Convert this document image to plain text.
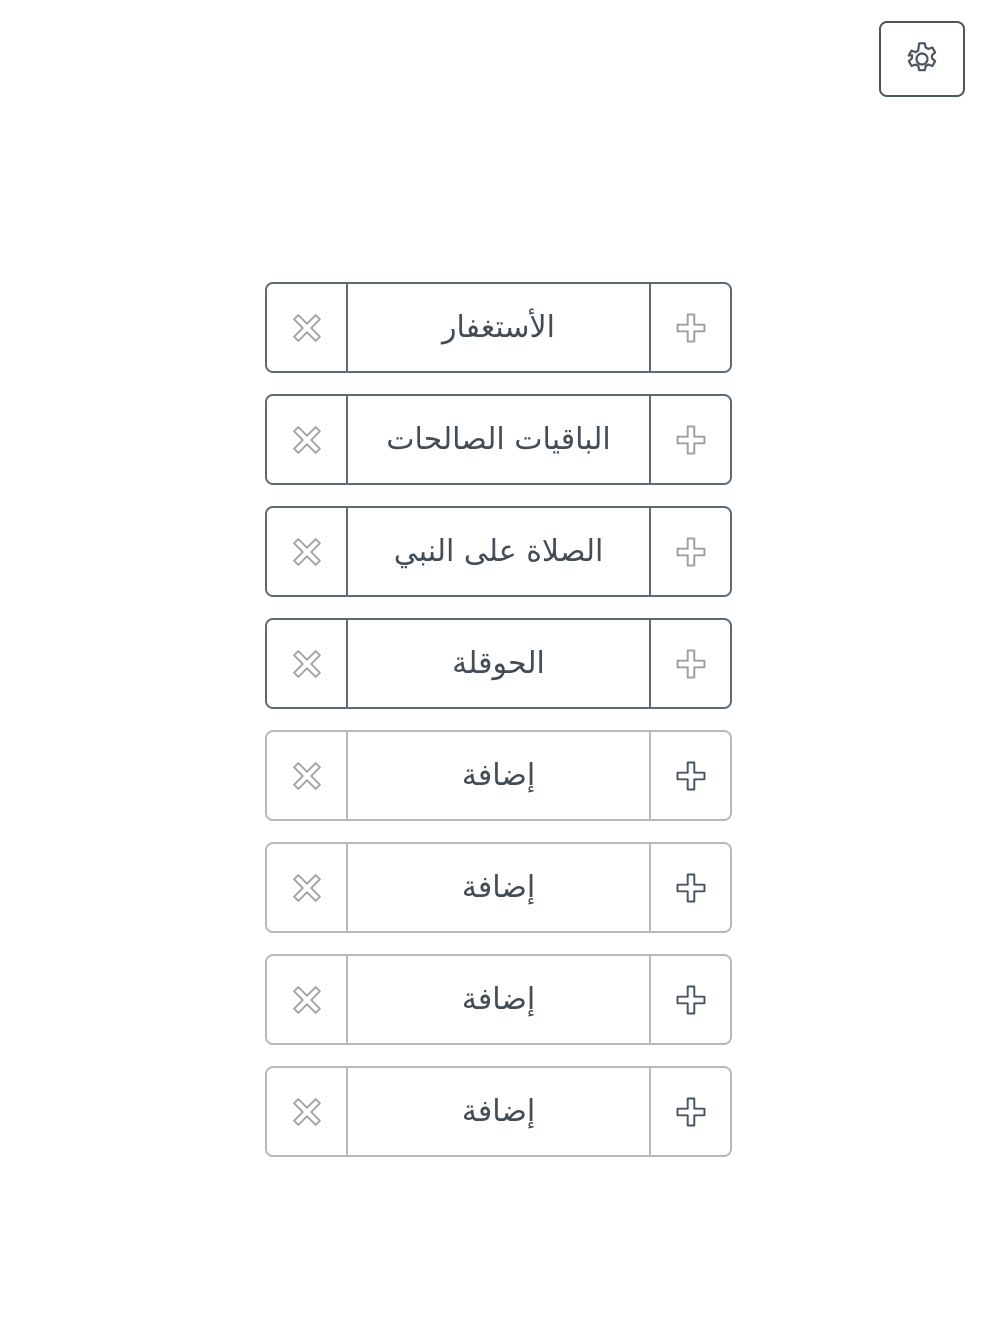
الأستغفار
الباقيات الصالحات
الصلاة على النبي
الحوقلة
إضافة
إضافة
إضافة
إضافة
